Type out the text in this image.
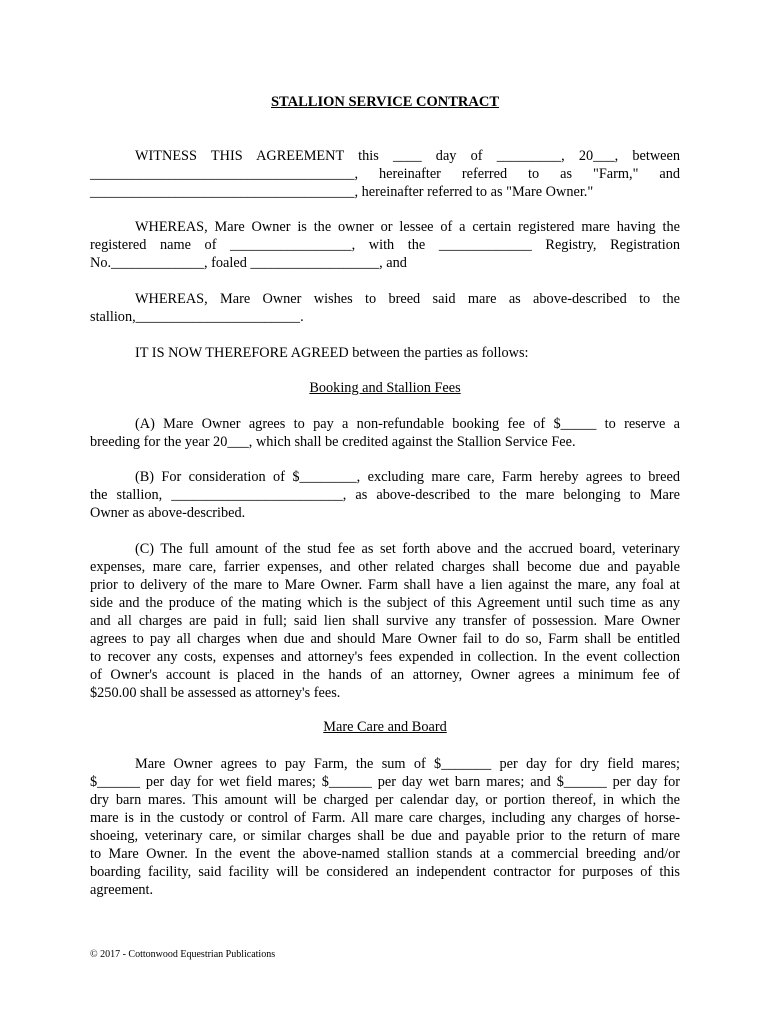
STALLION SERVICE CONTRACT
WITNESS THIS AGREEMENT this ____ day of _________, 20___, between
_____________________________________, hereinafter referred to as "Farm," and
_____________________________________, hereinafter referred to as "Mare Owner."
WHEREAS, Mare Owner is the owner or lessee of a certain registered mare having the
registered name of _________________, with the _____________ Registry, Registration
No._____________, foaled __________________, and
WHEREAS, Mare Owner wishes to breed said mare as above-described to the
stallion,_______________________.
IT IS NOW THEREFORE AGREED between the parties as follows:
Booking and Stallion Fees
(A) Mare Owner agrees to pay a non-refundable booking fee of $_____ to reserve a
breeding for the year 20___, which shall be credited against the Stallion Service Fee.
(B) For consideration of $________, excluding mare care, Farm hereby agrees to breed
the stallion, ________________________, as above-described to the mare belonging to Mare
Owner as above-described.
(C) The full amount of the stud fee as set forth above and the accrued board, veterinary
expenses, mare care, farrier expenses, and other related charges shall become due and payable
prior to delivery of the mare to Mare Owner. Farm shall have a lien against the mare, any foal at
side and the produce of the mating which is the subject of this Agreement until such time as any
and all charges are paid in full; said lien shall survive any transfer of possession. Mare Owner
agrees to pay all charges when due and should Mare Owner fail to do so, Farm shall be entitled
to recover any costs, expenses and attorney's fees expended in collection. In the event collection
of Owner's account is placed in the hands of an attorney, Owner agrees a minimum fee of
$250.00 shall be assessed as attorney's fees.
Mare Care and Board
Mare Owner agrees to pay Farm, the sum of $_______ per day for dry field mares;
$______ per day for wet field mares; $______ per day wet barn mares; and $______ per day for
dry barn mares. This amount will be charged per calendar day, or portion thereof, in which the
mare is in the custody or control of Farm. All mare care charges, including any charges of horse-
shoeing, veterinary care, or similar charges shall be due and payable prior to the return of mare
to Mare Owner. In the event the above-named stallion stands at a commercial breeding and/or
boarding facility, said facility will be considered an independent contractor for purposes of this
agreement.
© 2017 - Cottonwood Equestrian Publications
